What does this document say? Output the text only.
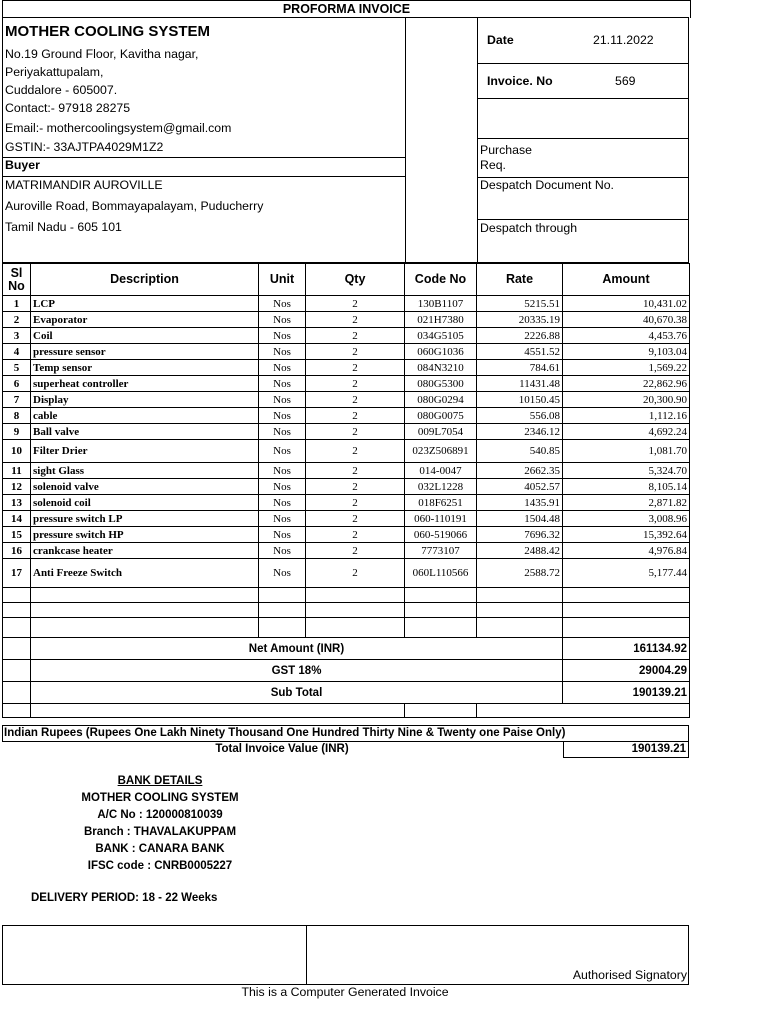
PROFORMA INVOICE
MOTHER COOLING SYSTEM
No.19 Ground Floor, Kavitha nagar,
Periyakattupalam,
Cuddalore - 605007.
Contact:- 97918 28275
Email:- mothercoolingsystem@gmail.com
GSTIN:- 33AJTPA4029M1Z2
Buyer
MATRIMANDIR AUROVILLE
Auroville Road, Bommayapalayam, Puducherry
Tamil Nadu - 605 101
Date	21.11.2022
Invoice. No	569
Purchase
Req.
Despatch Document No.
Despatch through
Sl
No	Description	Unit	Qty	Code No	Rate	Amount
1	LCP	Nos	2	130B1107	5215.51	10,431.02
2	Evaporator	Nos	2	021H7380	20335.19	40,670.38
3	Coil	Nos	2	034G5105	2226.88	4,453.76
4	pressure sensor	Nos	2	060G1036	4551.52	9,103.04
5	Temp sensor	Nos	2	084N3210	784.61	1,569.22
6	superheat controller	Nos	2	080G5300	11431.48	22,862.96
7	Display	Nos	2	080G0294	10150.45	20,300.90
8	cable	Nos	2	080G0075	556.08	1,112.16
9	Ball valve	Nos	2	009L7054	2346.12	4,692.24
10	Filter Drier	Nos	2	023Z506891	540.85	1,081.70
11	sight Glass	Nos	2	014-0047	2662.35	5,324.70
12	solenoid valve	Nos	2	032L1228	4052.57	8,105.14
13	solenoid coil	Nos	2	018F6251	1435.91	2,871.82
14	pressure switch LP	Nos	2	060-110191	1504.48	3,008.96
15	pressure switch HP	Nos	2	060-519066	7696.32	15,392.64
16	crankcase heater	Nos	2	7773107	2488.42	4,976.84
17	Anti Freeze Switch	Nos	2	060L110566	2588.72	5,177.44

	Net Amount (INR)					161134.92
	GST 18%					29004.29
	Sub Total					190139.21

Indian Rupees (Rupees One Lakh Ninety Thousand One Hundred Thirty Nine & Twenty one Paise Only)
Total Invoice Value (INR)	190139.21
BANK DETAILS
MOTHER COOLING SYSTEM
A/C No : 120000810039
Branch : THAVALAKUPPAM
BANK : CANARA BANK
IFSC code : CNRB0005227
DELIVERY PERIOD: 18 - 22 Weeks
Authorised Signatory
This is a Computer Generated Invoice
